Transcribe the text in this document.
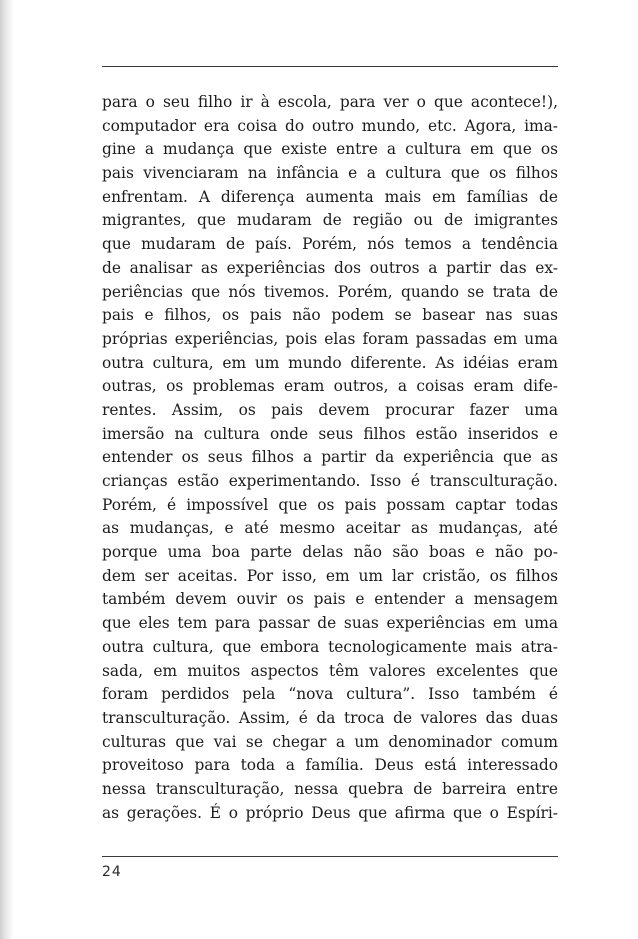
para o seu filho ir à escola, para ver o que acontece!),
computador era coisa do outro mundo, etc. Agora, ima-
gine a mudança que existe entre a cultura em que os
pais vivenciaram na infância e a cultura que os filhos
enfrentam. A diferença aumenta mais em famílias de
migrantes, que mudaram de região ou de imigrantes
que mudaram de país. Porém, nós temos a tendência
de analisar as experiências dos outros a partir das ex-
periências que nós tivemos. Porém, quando se trata de
pais e filhos, os pais não podem se basear nas suas
próprias experiências, pois elas foram passadas em uma
outra cultura, em um mundo diferente. As idéias eram
outras, os problemas eram outros, a coisas eram dife-
rentes. Assim, os pais devem procurar fazer uma
imersão na cultura onde seus filhos estão inseridos e
entender os seus filhos a partir da experiência que as
crianças estão experimentando. Isso é transculturação.
Porém, é impossível que os pais possam captar todas
as mudanças, e até mesmo aceitar as mudanças, até
porque uma boa parte delas não são boas e não po-
dem ser aceitas. Por isso, em um lar cristão, os filhos
também devem ouvir os pais e entender a mensagem
que eles tem para passar de suas experiências em uma
outra cultura, que embora tecnologicamente mais atra-
sada, em muitos aspectos têm valores excelentes que
foram perdidos pela “nova cultura”. Isso também é
transculturação. Assim, é da troca de valores das duas
culturas que vai se chegar a um denominador comum
proveitoso para toda a família. Deus está interessado
nessa transculturação, nessa quebra de barreira entre
as gerações. É o próprio Deus que afirma que o Espíri-
24
